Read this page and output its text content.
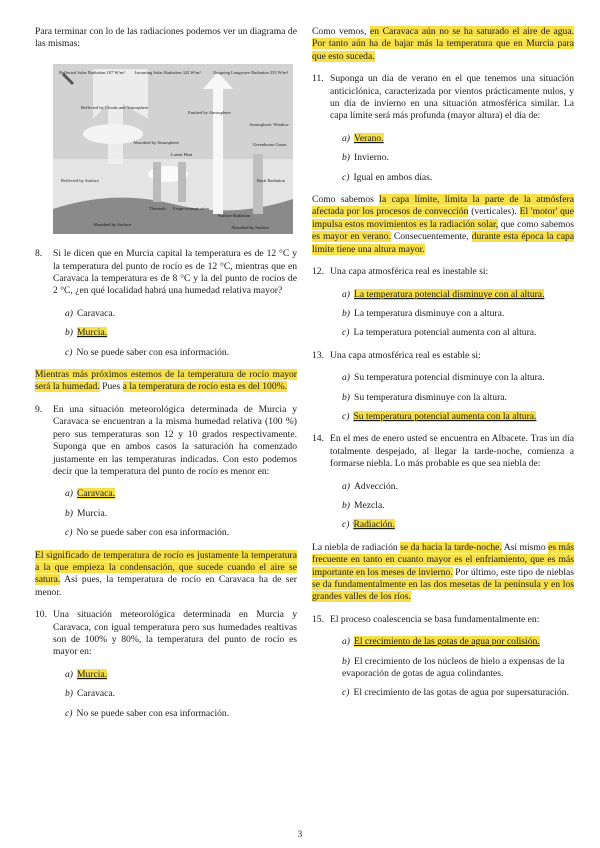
Para terminar con lo de las radiaciones podemos ver un diagrama de las mismas:

Reflected Solar Radiation 107 W/m² Incoming Solar Radiation 342 W/m²	Outgoing Longwave Radiation 235 W/m²
Reflected by Clouds and Atmosphere
Emitted by Atmosphere
Absorbed by Atmosphere
Latent Heat
Reflected by Surface
Thermals Evapo-transpiration
Absorbed by Surface
Surface Radiation
Back Radiation
Atmospheric Window
Greenhouse Gases
Absorbed by Surface
8. Si le dicen que en Murcia capital la temperatura es de 12 °C y la temperatura del punto de rocío es de 12 °C, mientras que en Caravaca la temperatura es de 8 °C y la del punto de rocíos de 2 °C, ¿en qué localidad habrá una humedad relativa mayor?
a) Caravaca.
b) Murcia.
c) No se puede saber con esa información.
Mientras más próximos estemos de la temperatura de rocío mayor será la humedad. Pues a la temperatura de rocío esta es del 100%.
9. En una situación meteorológica determinada de Murcia y Caravaca se encuentran a la misma humedad relativa (100 %) pero sus temperaturas son 12 y 10 grados respectivamente. Suponga que en ambos casos la saturación ha comenzado justamente en las temperaturas indicadas. Con esto podemos decir que la temperatura del punto de rocío es menor en:
a) Caravaca.
b) Murcia.
c) No se puede saber con esa información.
El significado de temperatura de rocío es justamente la temperatura a la que empieza la condensación, que sucede cuando el aire se satura. Así pues, la temperatura de rocío en Caravaca ha de ser menor.
10. Una situación meteorológica determinada en Murcia y Caravaca, con igual temperatura pero sus humedades realtivas son de 100% y 80%, la temperatura del punto de rocío es mayor en:
a) Murcia.
b) Caravaca.
c) No se puede saber con esa información.
Como vemos, en Caravaca aún no se ha saturado el aire de agua. Por tanto aún ha de bajar más la temperatura que en Murcia para que esto suceda.
11. Suponga un día de verano en el que tenemos una situación anticiclónica, caracterizada por vientos prácticamente nulos, y un día de invierno en una situación atmosférica similar. La capa límite será más profunda (mayor altura) el día de:
a) Verano.
b) Invierno.
c) Igual en ambos días.
Como sabemos la capa límite, limita la parte de la atmósfera afectada por los procesos de convección (verticales). El 'motor' que impulsa estos movimientos es la radiación solar, que como sabemos es mayor en verano. Consecuentemente, durante esta época la capa límite tiene una altura mayor.
12. Una capa atmosférica real es inestable si:
a) La temperatura potencial disminuye con al altura.
b) La temperatura disminuye con a altura.
c) La temperatura potencial aumenta con al altura.
13. Una capa atmosférica real es estable si:
a) Su temperatura potencial disminuye con la altura.
b) Su temperatura disminuye con la altura.
c) Su temperatura potencial aumenta con la altura.
14. En el mes de enero usted se encuentra en Albacete. Tras un día totalmente despejado, al llegar la tarde-noche, comienza a formarse niebla. Lo más probable es que sea niebla de:
a) Advección.
b) Mezcla.
c) Radiación.
La niebla de radiación se da hacia la tarde-noche. Así mismo es más frecuente en tanto en cuanto mayor es el enfriamiento, que es más importante en los meses de invierno. Por último, este tipo de nieblas se da fundamentalmente en las dos mesetas de la península y en los grandes valles de los ríos.
15. El proceso coalescencia se basa fundamentalmente en:
a) El crecimiento de las gotas de agua por colisión.
b) El crecimiento de los núcleos de hielo a expensas de la evaporación de gotas de agua colindantes.
c) El crecimiento de las gotas de agua por supersaturación.
3
